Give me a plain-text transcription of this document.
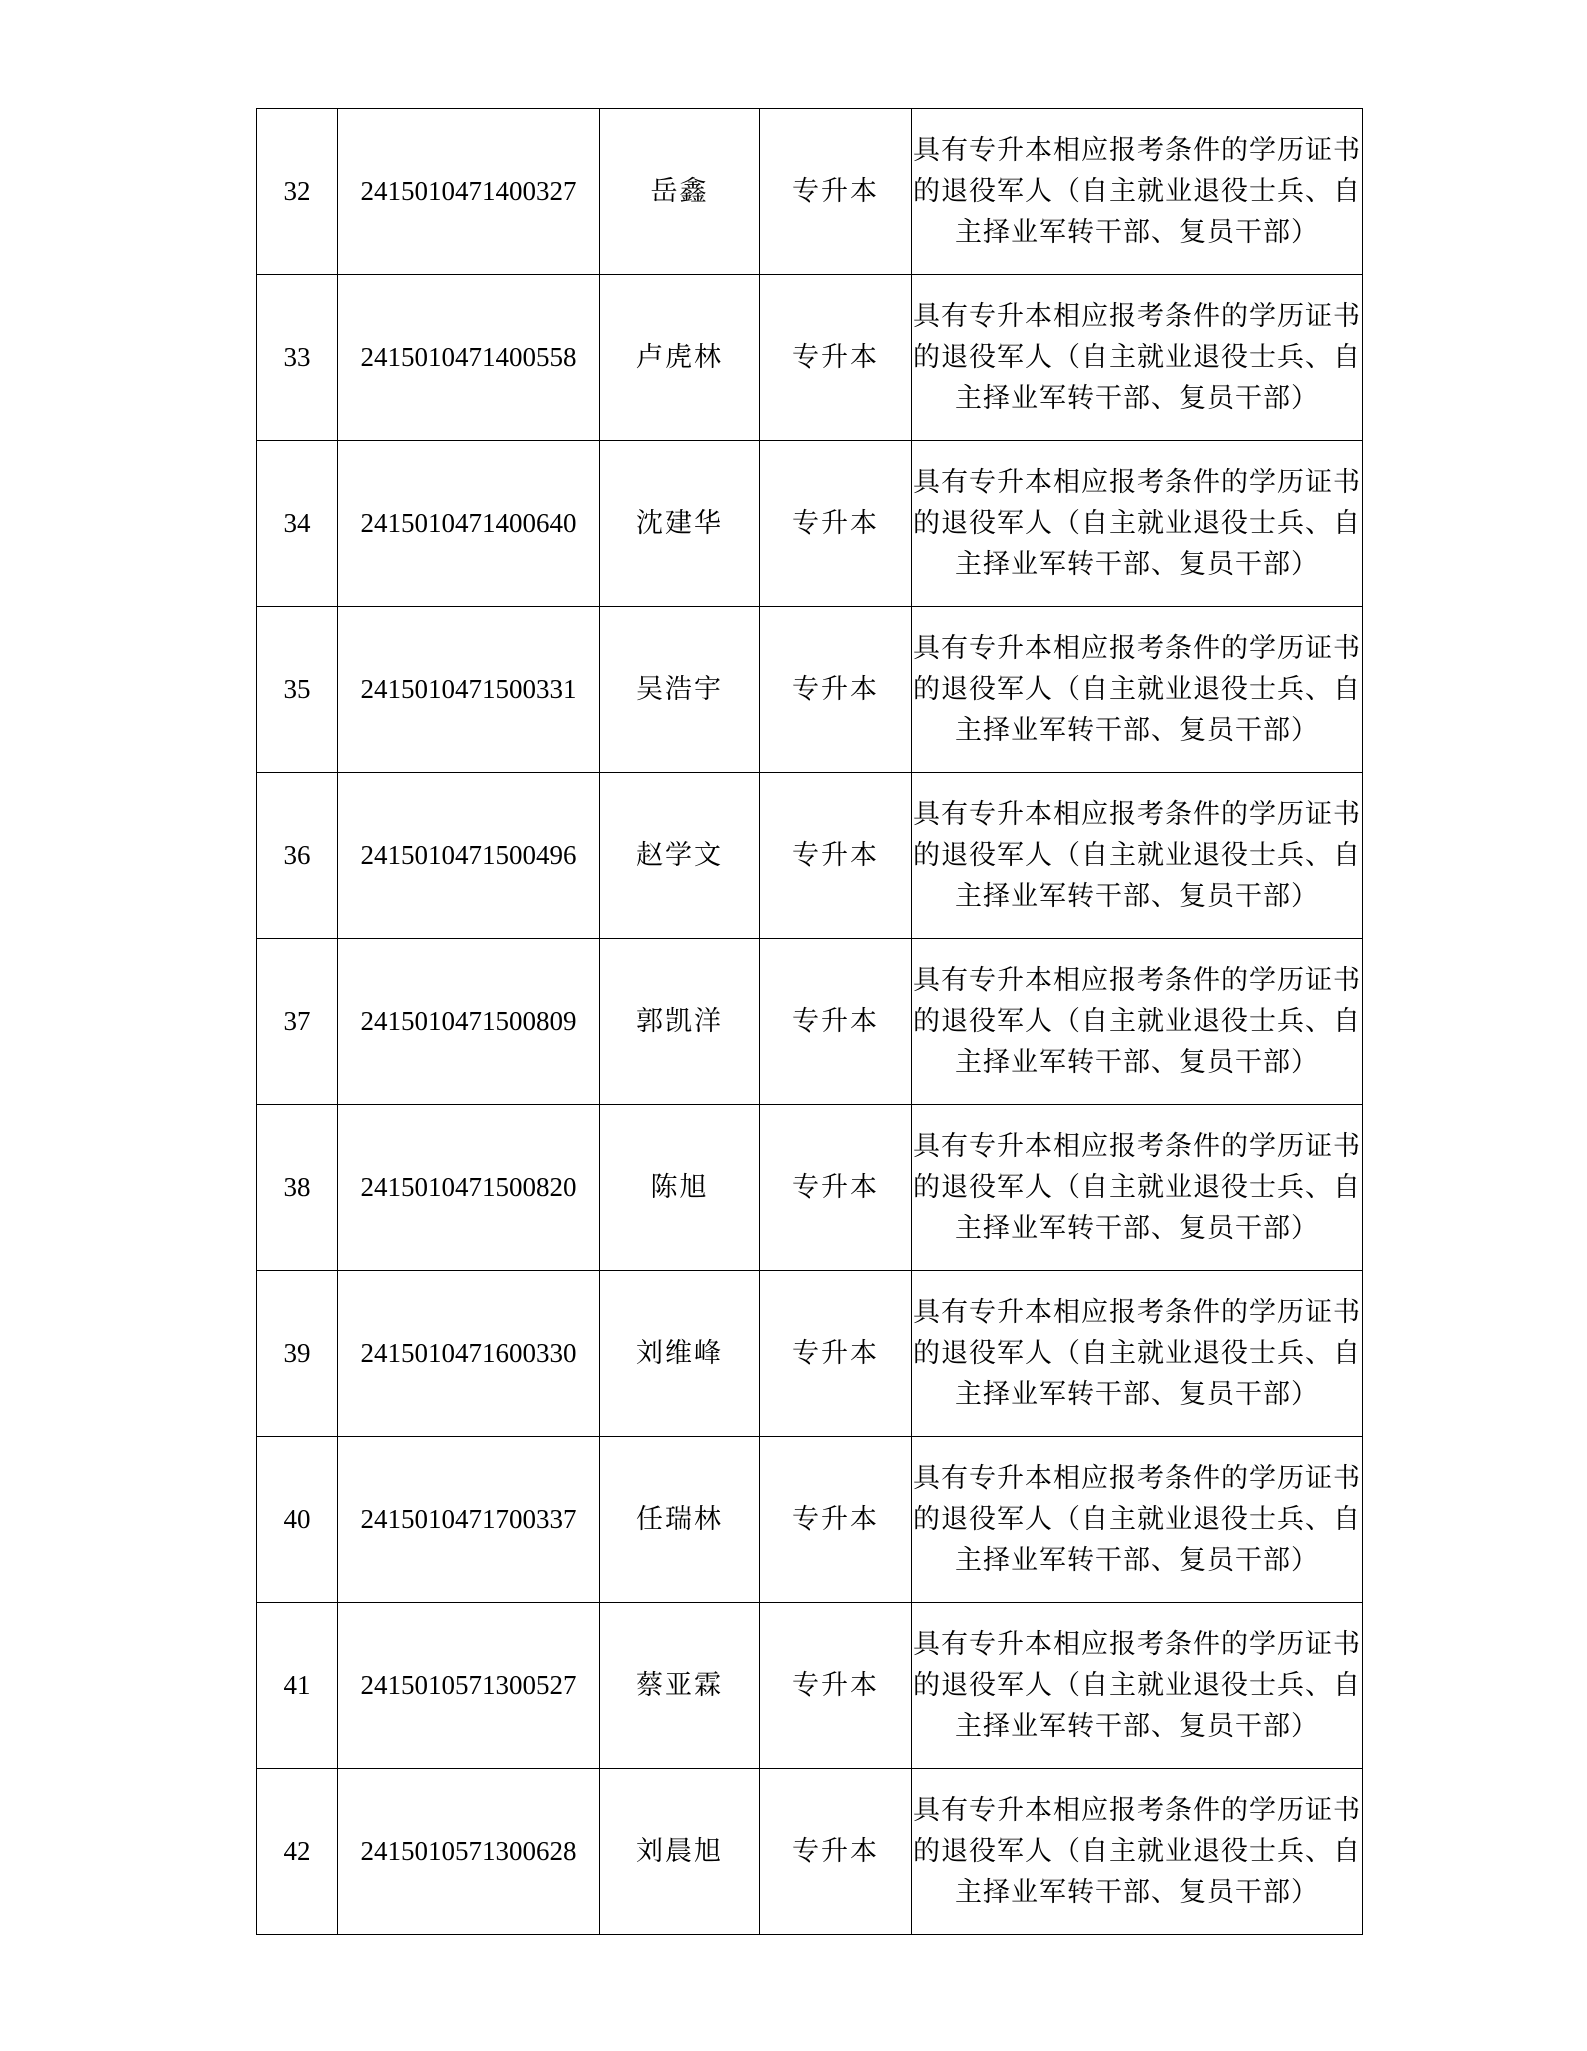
32	2415010471400327	岳鑫	专升本	具有专升本相应报考条件的学历证书的退役军人（自主就业退役士兵、自主择业军转干部、复员干部）

33	2415010471400558	卢虎林	专升本	具有专升本相应报考条件的学历证书的退役军人（自主就业退役士兵、自主择业军转干部、复员干部）

34	2415010471400640	沈建华	专升本	具有专升本相应报考条件的学历证书的退役军人（自主就业退役士兵、自主择业军转干部、复员干部）

35	2415010471500331	吴浩宇	专升本	具有专升本相应报考条件的学历证书的退役军人（自主就业退役士兵、自主择业军转干部、复员干部）

36	2415010471500496	赵学文	专升本	具有专升本相应报考条件的学历证书的退役军人（自主就业退役士兵、自主择业军转干部、复员干部）

37	2415010471500809	郭凯洋	专升本	具有专升本相应报考条件的学历证书的退役军人（自主就业退役士兵、自主择业军转干部、复员干部）

38	2415010471500820	陈旭	专升本	具有专升本相应报考条件的学历证书的退役军人（自主就业退役士兵、自主择业军转干部、复员干部）

39	2415010471600330	刘维峰	专升本	具有专升本相应报考条件的学历证书的退役军人（自主就业退役士兵、自主择业军转干部、复员干部）

40	2415010471700337	任瑞林	专升本	具有专升本相应报考条件的学历证书的退役军人（自主就业退役士兵、自主择业军转干部、复员干部）

41	2415010571300527	蔡亚霖	专升本	具有专升本相应报考条件的学历证书的退役军人（自主就业退役士兵、自主择业军转干部、复员干部）

42	2415010571300628	刘晨旭	专升本	具有专升本相应报考条件的学历证书的退役军人（自主就业退役士兵、自主择业军转干部、复员干部）
